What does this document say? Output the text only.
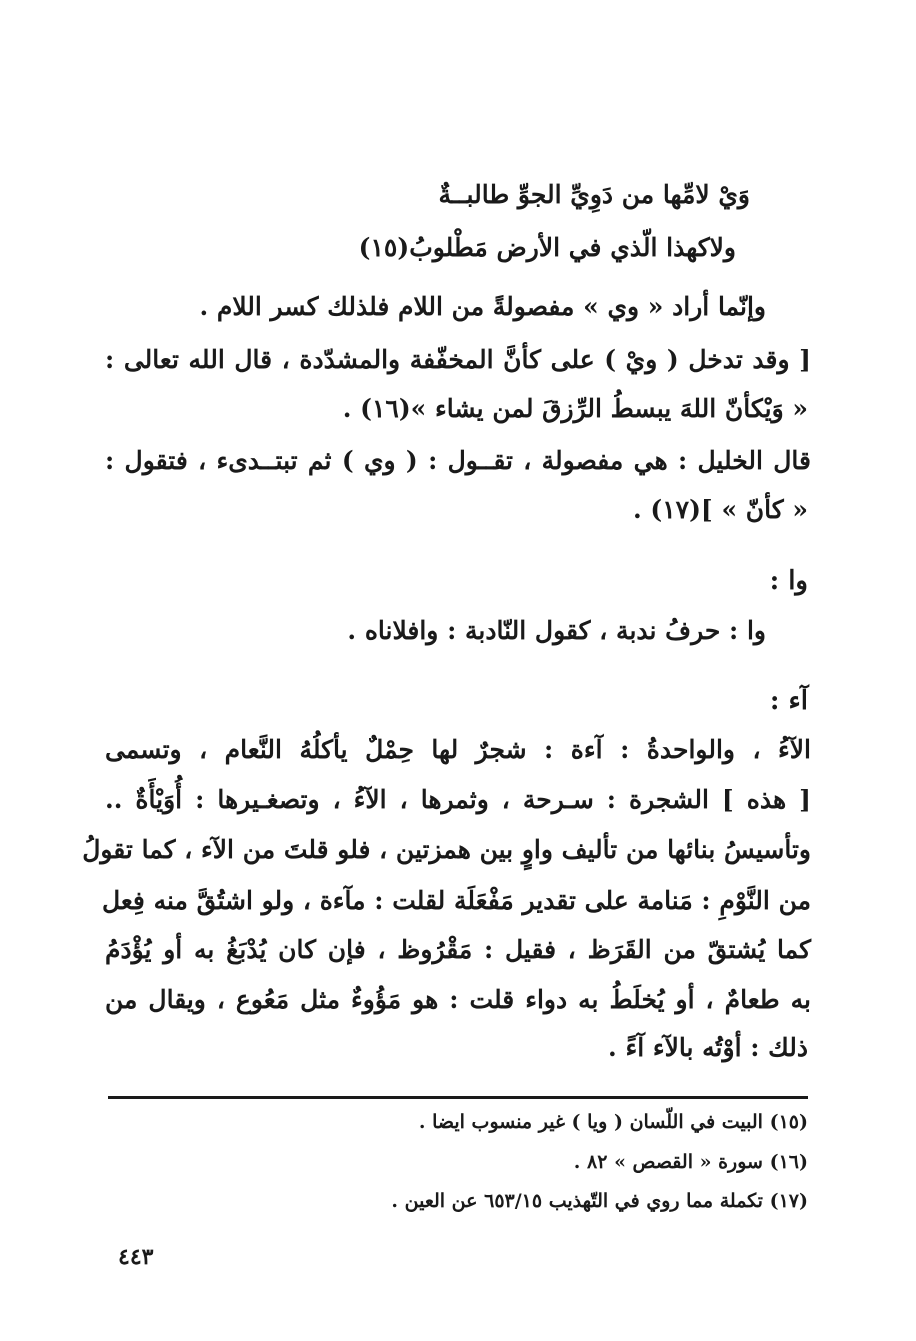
وَيْ لامِّها من دَوِيِّ الجوِّ طالبــةٌ
ولاكهذا الّذي في الأرض مَطْلوبُ(١٥)
وإنّما أراد « وي » مفصولةً من اللام فلذلك كسر اللام .
[ وقد تدخل ( ويْ ) على كأنَّ المخفّفة والمشدّدة ، قال الله تعالى :
« وَيْكأنّ اللهَ يبسطُ الرِّزقَ لمن يشاء »(١٦) .
قال الخليل : هي مفصولة ، تقــول : ( وي ) ثم تبتــدىء ، فتقول :
« كأنّ » ](١٧) .
وا :
وا : حرفُ ندبة ، كقول النّادبة : وافلاناه .
آء :
الآءُ ، والواحدةُ : آءة : شجرٌ لها حِمْلٌ يأكلُهُ النَّعام ، وتسمى
[ هذه ] الشجرة : سـرحة ، وثمرها ، الآءُ ، وتصغـيرها : أُوَيْأَةٌ ..
وتأسيسُ بنائها من تأليف واوٍ بين همزتين ، فلو قلتَ من الآء ، كما تقولُ
من النَّوْمِ : مَنامة على تقدير مَفْعَلَة لقلت : مآءة ، ولو اشتُقَّ منه فِعل
كما يُشتقّ من القَرَظ ، فقيل : مَقْرُوظ ، فإن كان يُدْبَغُ به أو يُؤْدَمُ
به طعامٌ ، أو يُخلَطُ به دواء قلت : هو مَؤُوءٌ مثل مَعُوع ، ويقال من
ذلك : أوْتُه بالآء آءً .
(١٥) البيت في اللّسان ( ويا ) غير منسوب ايضا .
(١٦) سورة « القصص » ٨٢ .
(١٧) تكملة مما روي في التّهذيب ٦٥٣/١٥ عن العين .
٤٤٣
